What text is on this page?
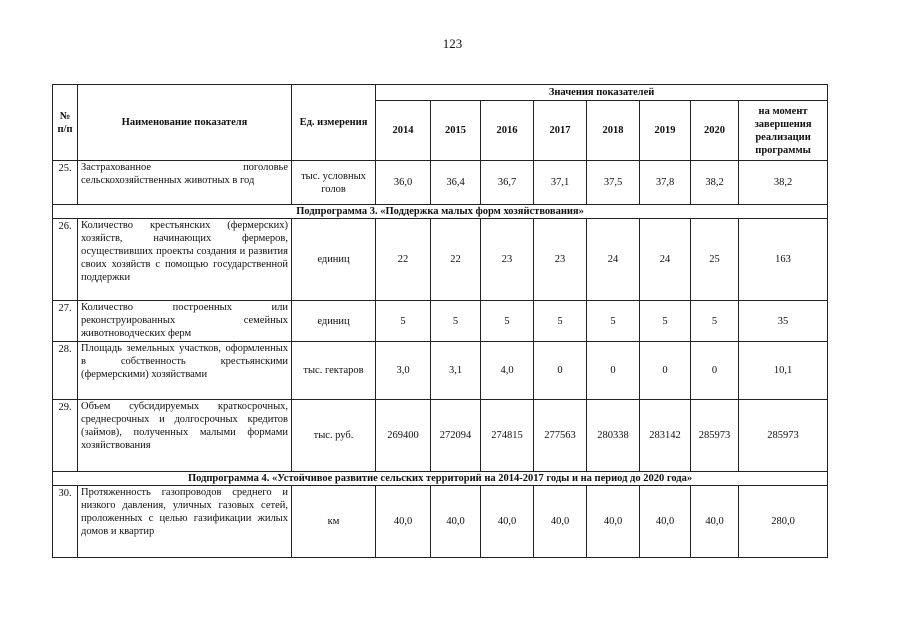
123
№ п/п	Наименование показателя	Ед. измерения	Значения показателей							
			2014	2015	2016	2017	2018	2019	2020	на момент завершения реализации программы
25.	Застрахованное поголовье сельскохозяйственных животных в год	тыс. условных голов	36,0	36,4	36,7	37,1	37,5	37,8	38,2	38,2
Подпрограмма 3. «Поддержка малых форм хозяйствования»										
26.	Количество крестьянских (фермерских) хозяйств, начинающих фермеров, осуществивших проекты создания и развития своих хозяйств с помощью государственной поддержки	единиц	22	22	23	23	24	24	25	163
27.	Количество построенных или реконструированных семейных животноводческих ферм	единиц	5	5	5	5	5	5	5	35
28.	Площадь земельных участков, оформленных в собственность крестьянскими (фермерскими) хозяйствами	тыс. гектаров	3,0	3,1	4,0	0	0	0	0	10,1
29.	Объем субсидируемых краткосрочных, среднесрочных и долгосрочных кредитов (займов), полученных малыми формами хозяйствования	тыс. руб.	269400	272094	274815	277563	280338	283142	285973	285973
Подпрограмма 4. «Устойчивое развитие сельских территорий на 2014-2017 годы и на период до 2020 года»										
30.	Протяженность газопроводов среднего и низкого давления, уличных газовых сетей, проложенных с целью газификации жилых домов и квартир	км	40,0	40,0	40,0	40,0	40,0	40,0	40,0	280,0
